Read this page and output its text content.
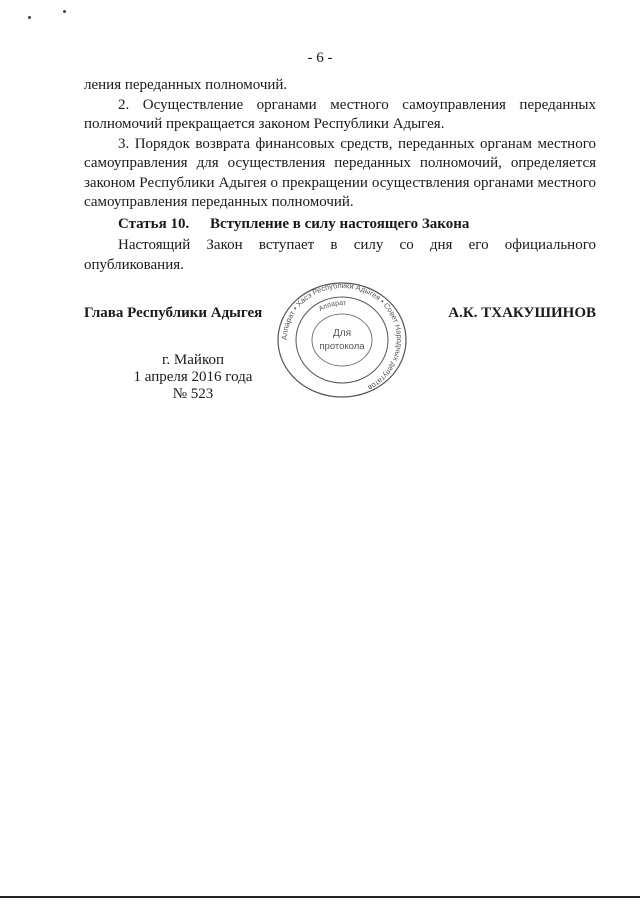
- 6 -

ления переданных полномочий.

2. Осуществление органами местного самоуправления переданных полномочий прекращается законом Республики Адыгея.

3. Порядок возврата финансовых средств, переданных органам местного самоуправления для осуществления переданных полномочий, определяется законом Республики Адыгея о прекращении осуществления органами местного самоуправления переданных полномочий.

Статья 10. Вступление в силу настоящего Закона
Настоящий Закон вступает в силу со дня его официального опубликования.
Глава Республики Адыгея	А.К. ТХАКУШИНОВ
г. Майкоп
1 апреля 2016 года
№ 523
Аппарат • Хасэ Республики Адыгея • Совет Народных депутатов
Аппарат
Для
протокола
